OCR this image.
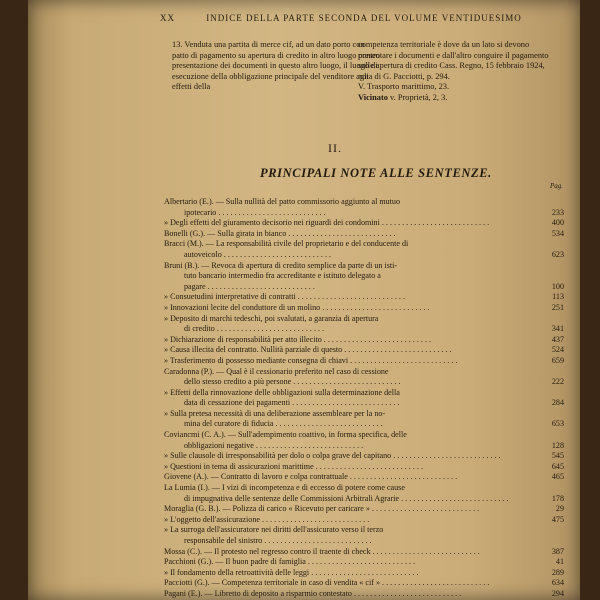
XX	INDICE DELLA PARTE SECONDA DEL VOLUME VENTIDUESIMO
13. Venduta una partita di merce cif, ad un dato porto con patto di pagamento su apertura di credito in altro luogo contro presentazione dei documenti in questo altro luogo, il luogo di esecuzione della obbligazione principale del venditore agli effetti della
competenza territoriale è dove da un lato si devono presentare i documenti e dall'altro conguire il pagamento sulle apertura di credito Cass. Regno, 15 febbraio 1924, nota di G. Pacciotti, p. 294.
V. Trasporto marittimo, 23.
Vicinato v. Proprietà, 2, 3.
II.
PRINCIPALI NOTE ALLE SENTENZE.
Pag.
Albertario (E.). — Sulla nullità del patto commissorio aggiunto al mutuo
ipotecario . . .	233
» Degli effetti del giuramento decisorio nei riguardi dei condomini . . .	400
Bonelli (G.). — Sulla girata in bianco . . .	534
Bracci (M.). — La responsabilità civile del proprietario e del conducente di
autoveicolo . . .	623
Bruni (B.). — Revoca di apertura di credito semplice da parte di un isti-
tuto bancario intermedio fra accreditante e istituto delegato a
pagare . . .	100
» Consuetudini interpretative di contratti . . .	113
» Innovazioni lecite del conduttore di un molino . . .	251
» Deposito di marchi tedeschi, poi svalutati, a garanzia di apertura
di credito . . .	341
» Dichiarazione di responsabilità per atto illecito . . .	437
» Causa illecita del contratto. Nullità parziale di questo . . .	524
» Trasferimento di possesso mediante consegna di chiavi . . .	659
Caradonna (P.). — Qual è il cessionario preferito nel caso di cessione
dello stesso credito a più persone . . .	222
» Effetti della rinnovazione delle obbligazioni sulla determinazione della
data di cessazione dei pagamenti . . .	284
» Sulla pretesa necessità di una deliberazione assembleare per la no-
mina del curatore di fiducia . . .	653
Coviancmi (C. A.). — Sull'adempimento coattivo, in forma specifica, delle
obbligazioni negative . . .	128
» Sulle clausole di irresponsabilità per dolo o colpa grave del capitano . . .	545
» Questioni in tema di assicurazioni marittime . . .	645
Giovene (A.). — Contratto di lavoro e colpa contrattuale . . .	465
La Lumia (I.). — I vizi di incompetenza e di eccesso di potere come cause
di impugnativa delle sentenze delle Commissioni Arbitrali Agrarie . . .	178
Moraglia (G. B.). — Polizza di carico « Ricevuto per caricare » . . .	29
» L'oggetto dell'assicurazione . . .	475
» La surroga dell'assicuratore nei diritti dell'assicurato verso il terzo
responsabile del sinistro . . .
Mossa (C.). — Il protesto nel regresso contro il traente di check . . .	387
Pacchioni (G.). — Il buon padre di famiglia . . .	41
» Il fondamento della retroattività delle leggi . . .	289
Pacciotti (G.). — Competenza territoriale in caso di vendita « cif » . . .	634
Pagani (E.). — Libretto di deposito a risparmio contestato . . .	294
. . .
